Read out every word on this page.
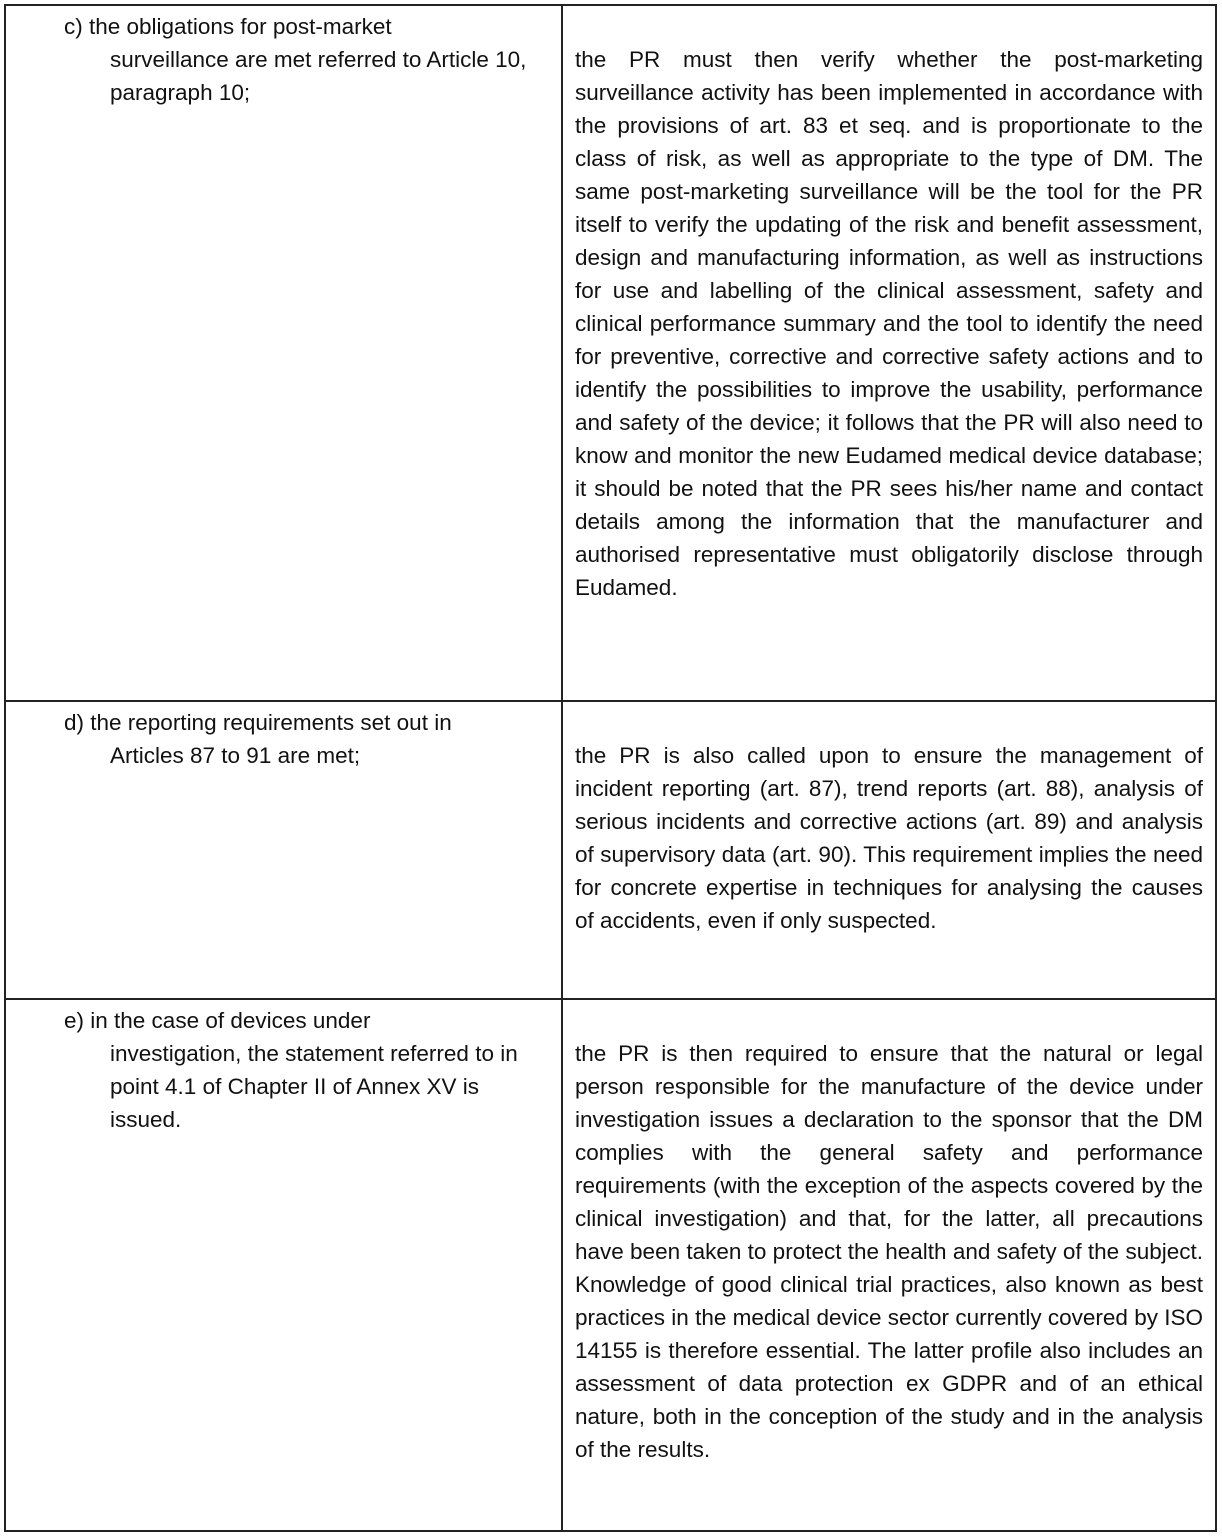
c) the obligations for post-market
surveillance are met referred to Article 10, paragraph 10;	the PR must then verify whether the post-marketing surveillance activity has been implemented in accordance with the provisions of art. 83 et seq. and is proportionate to the class of risk, as well as appropriate to the type of DM. The same post-marketing surveillance will be the tool for the PR itself to verify the updating of the risk and benefit assessment, design and manufacturing information, as well as instructions for use and labelling of the clinical assessment, safety and clinical performance summary and the tool to identify the need for preventive, corrective and corrective safety actions and to identify the possibilities to improve the usability, performance and safety of the device; it follows that the PR will also need to know and monitor the new Eudamed medical device database; it should be noted that the PR sees his/her name and contact details among the information that the manufacturer and authorised representative must obligatorily disclose through Eudamed.

d) the reporting requirements set out in
Articles 87 to 91 are met;	the PR is also called upon to ensure the management of incident reporting (art. 87), trend reports (art. 88), analysis of serious incidents and corrective actions (art. 89) and analysis of supervisory data (art. 90). This requirement implies the need for concrete expertise in techniques for analysing the causes of accidents, even if only suspected.

e) in the case of devices under
investigation, the statement referred to in point 4.1 of Chapter II of Annex XV is issued.	the PR is then required to ensure that the natural or legal person responsible for the manufacture of the device under investigation issues a declaration to the sponsor that the DM complies with the general safety and performance requirements (with the exception of the aspects covered by the clinical investigation) and that, for the latter, all precautions have been taken to protect the health and safety of the subject. Knowledge of good clinical trial practices, also known as best practices in the medical device sector currently covered by ISO 14155 is therefore essential. The latter profile also includes an assessment of data protection ex GDPR and of an ethical nature, both in the conception of the study and in the analysis of the results.
